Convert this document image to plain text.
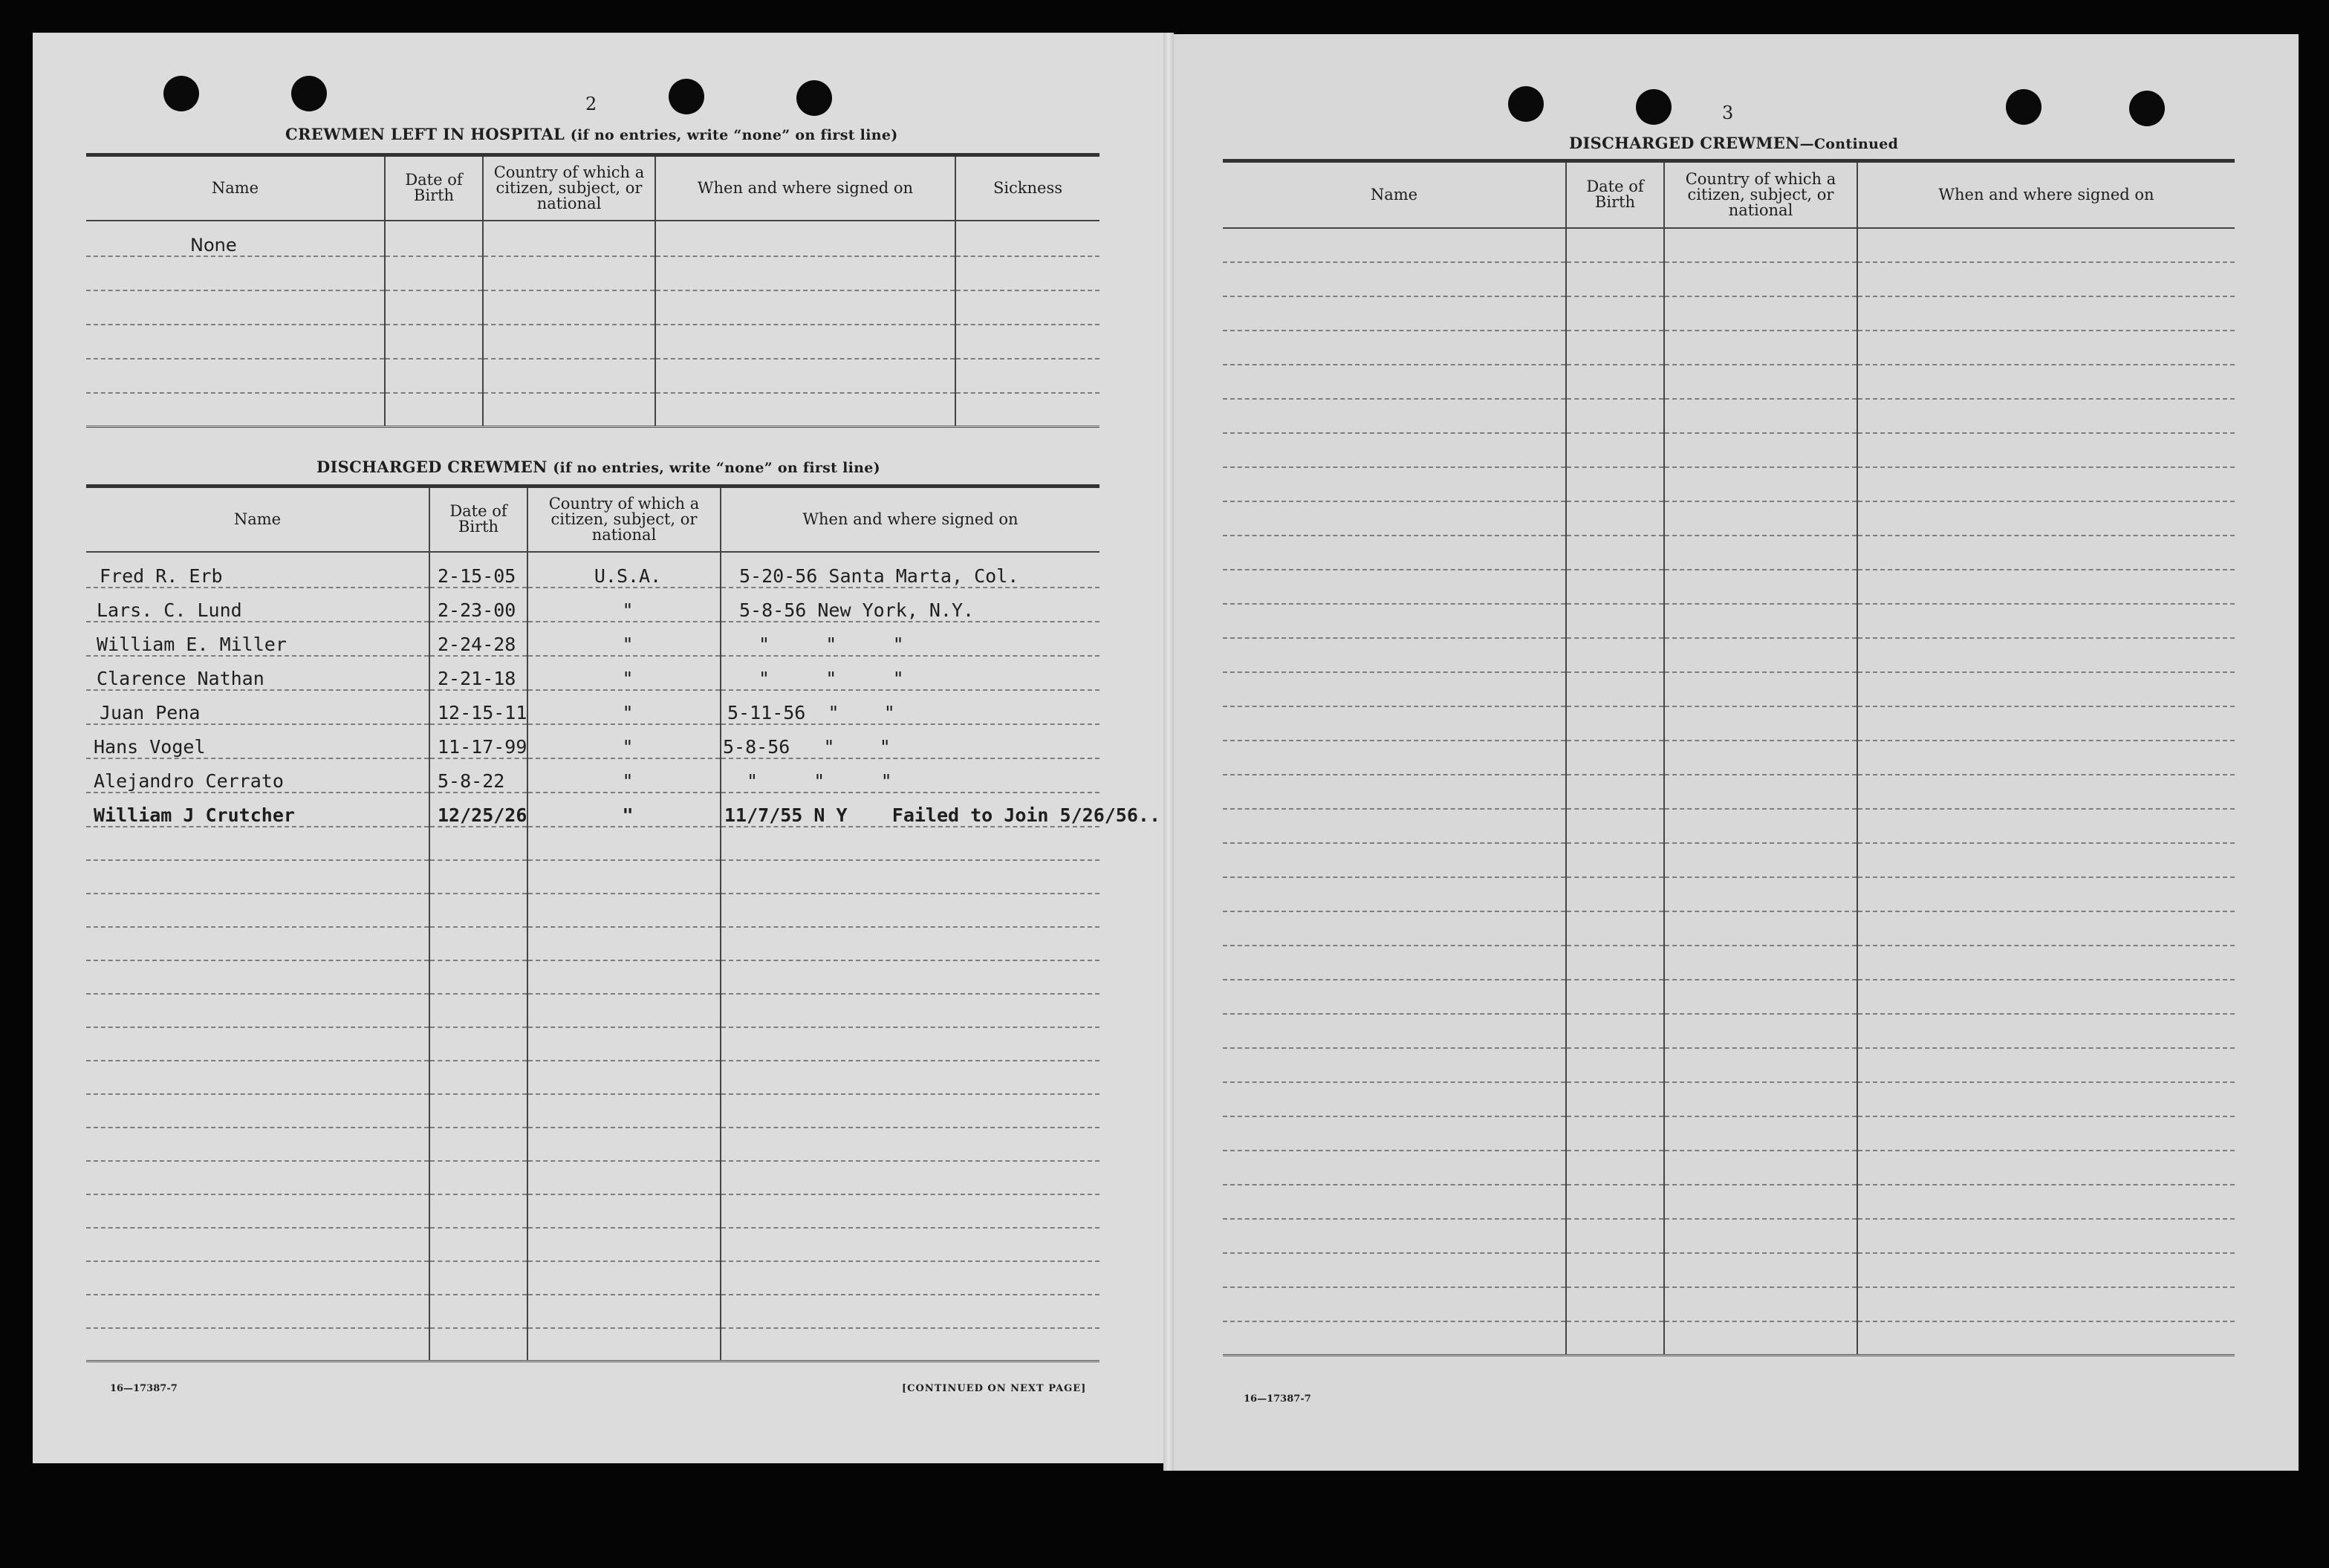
2
CREWMEN LEFT IN HOSPITAL (if no entries, write “none” on first line)
Name	Date of Birth	Country of which a citizen, subject, or national	When and where signed on	Sickness
None				

DISCHARGED CREWMEN (if no entries, write “none” on first line)
Name	Date of Birth	Country of which a citizen, subject, or national	When and where signed on
Fred R. Erb	2-15-05	U.S.A.	5-20-56 Santa Marta, Col.
Lars. C. Lund	2-23-00	"	5-8-56 New York, N.Y.
William E. Miller	2-24-28	"	"     "     "
Clarence Nathan	2-21-18	"	"     "     "
Juan Pena	12-15-11	"	5-11-56  "    "
Hans Vogel	11-17-99	"	5-8-56   "    "
Alejandro Cerrato	5-8-22	"	"     "     "
William J Crutcher	12/25/26	"	11/7/55 N Y    Failed to Join 5/26/56..

16—17387-7	[CONTINUED ON NEXT PAGE]
3
DISCHARGED CREWMEN—Continued
Name	Date of Birth	Country of which a citizen, subject, or national	When and where signed on

16—17387-7
